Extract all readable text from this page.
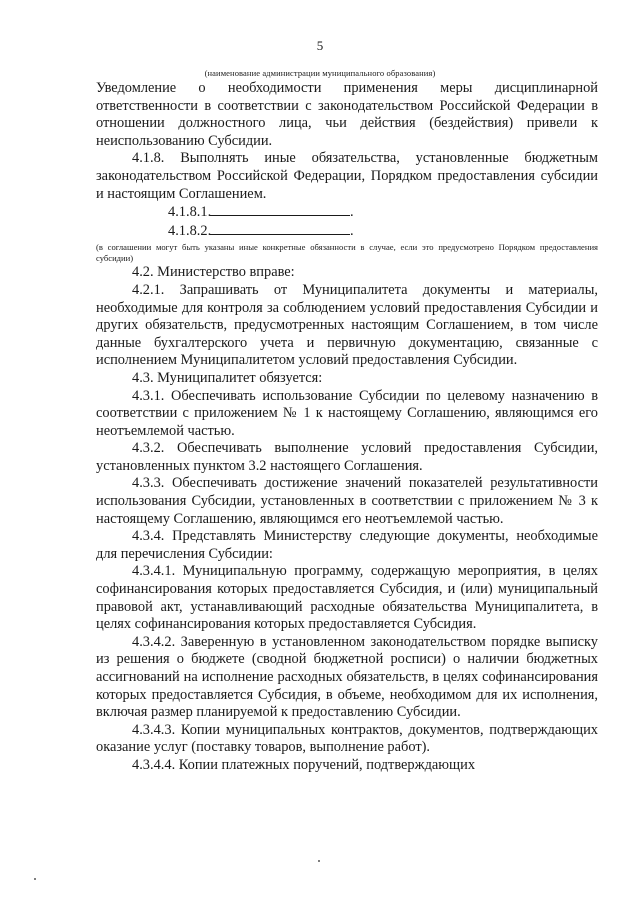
5
(наименование администрации муниципального образования)

Уведомление о необходимости применения меры дисциплинарной ответственности в соответствии с законодательством Российской Федерации в отношении должностного лица, чьи действия (бездействия) привели к неиспользованию Субсидии.

4.1.8. Выполнять иные обязательства, установленные бюджетным законодательством Российской Федерации, Порядком предоставления субсидии и настоящим Соглашением.

4.1.8.1.	.

4.1.8.2.	.

(в соглашении могут быть указаны иные конкретные обязанности в случае, если это предусмотрено Порядком предоставления субсидии)

4.2. Министерство вправе:

4.2.1. Запрашивать от Муниципалитета документы и материалы, необходимые для контроля за соблюдением условий предоставления Субсидии и других обязательств, предусмотренных настоящим Соглашением, в том числе данные бухгалтерского учета и первичную документацию, связанные с исполнением Муниципалитетом условий предоставления Субсидии.

4.3. Муниципалитет обязуется:

4.3.1. Обеспечивать использование Субсидии по целевому назначению в соответствии с приложением № 1 к настоящему Соглашению, являющимся его неотъемлемой частью.

4.3.2. Обеспечивать выполнение условий предоставления Субсидии, установленных пунктом 3.2 настоящего Соглашения.

4.3.3. Обеспечивать достижение значений показателей результативности использования Субсидии, установленных в соответствии с приложением № 3 к настоящему Соглашению, являющимся его неотъемлемой частью.

4.3.4. Представлять Министерству следующие документы, необходимые для перечисления Субсидии:

4.3.4.1. Муниципальную программу, содержащую мероприятия, в целях софинансирования которых предоставляется Субсидия, и (или) муниципальный правовой акт, устанавливающий расходные обязательства Муниципалитета, в целях софинансирования которых предоставляется Субсидия.

4.3.4.2. Заверенную в установленном законодательством порядке выписку из решения о бюджете (сводной бюджетной росписи) о наличии бюджетных ассигнований на исполнение расходных обязательств, в целях софинансирования которых предоставляется Субсидия, в объеме, необходимом для их исполнения, включая размер планируемой к предоставлению Субсидии.

4.3.4.3. Копии муниципальных контрактов, документов, подтверждающих оказание услуг (поставку товаров, выполнение работ).

4.3.4.4. Копии платежных поручений, подтверждающих
